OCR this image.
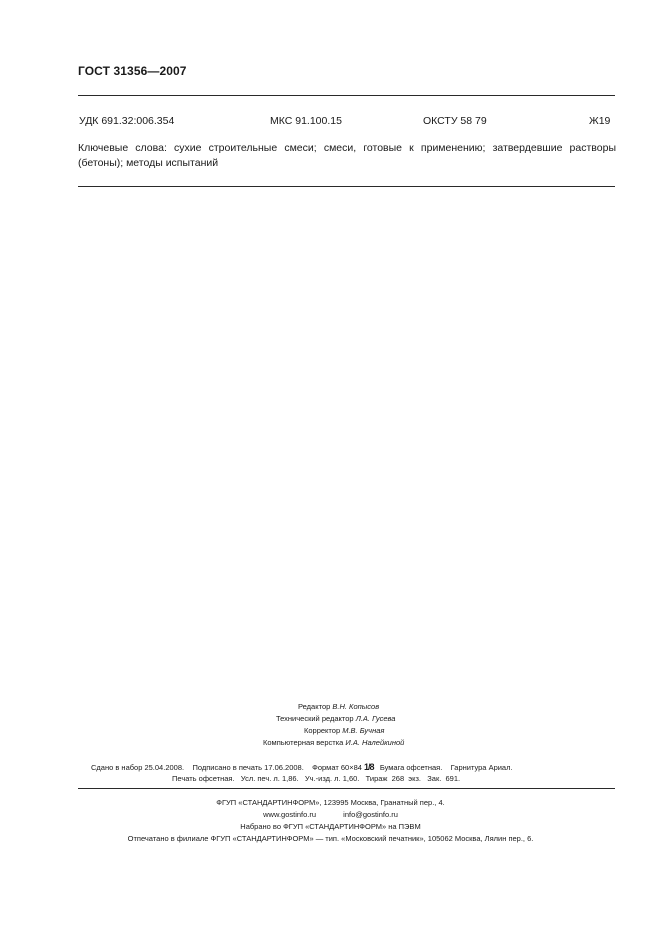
ГОСТ 31356—2007
УДК 691.32:006.354	МКС 91.100.15	ОКСТУ 58 79	Ж19
Ключевые слова: сухие строительные смеси; смеси, готовые к применению; затвердевшие растворы (бетоны); методы испытаний
Редактор В.Н. Копысов
Технический редактор Л.А. Гусева
Корректор М.В. Бучная
Компьютерная верстка И.А. Налейкиной
Сдано в набор 25.04.2008. Подписано в печать 17.06.2008. Формат 60×84 1/8 Бумага офсетная. Гарнитура Ариал.
Печать офсетная.   Усл. печ. л. 1,86.   Уч.-изд. л. 1,60.   Тираж  268  экз.   Зак.  691.
ФГУП «СТАНДАРТИНФОРМ», 123995 Москва, Гранатный пер., 4.
www.gostinfo.ru	info@gostinfo.ru
Набрано во ФГУП «СТАНДАРТИНФОРМ» на ПЭВМ
Отпечатано в филиале ФГУП «СТАНДАРТИНФОРМ» — тип. «Московский печатник», 105062 Москва, Лялин пер., 6.
